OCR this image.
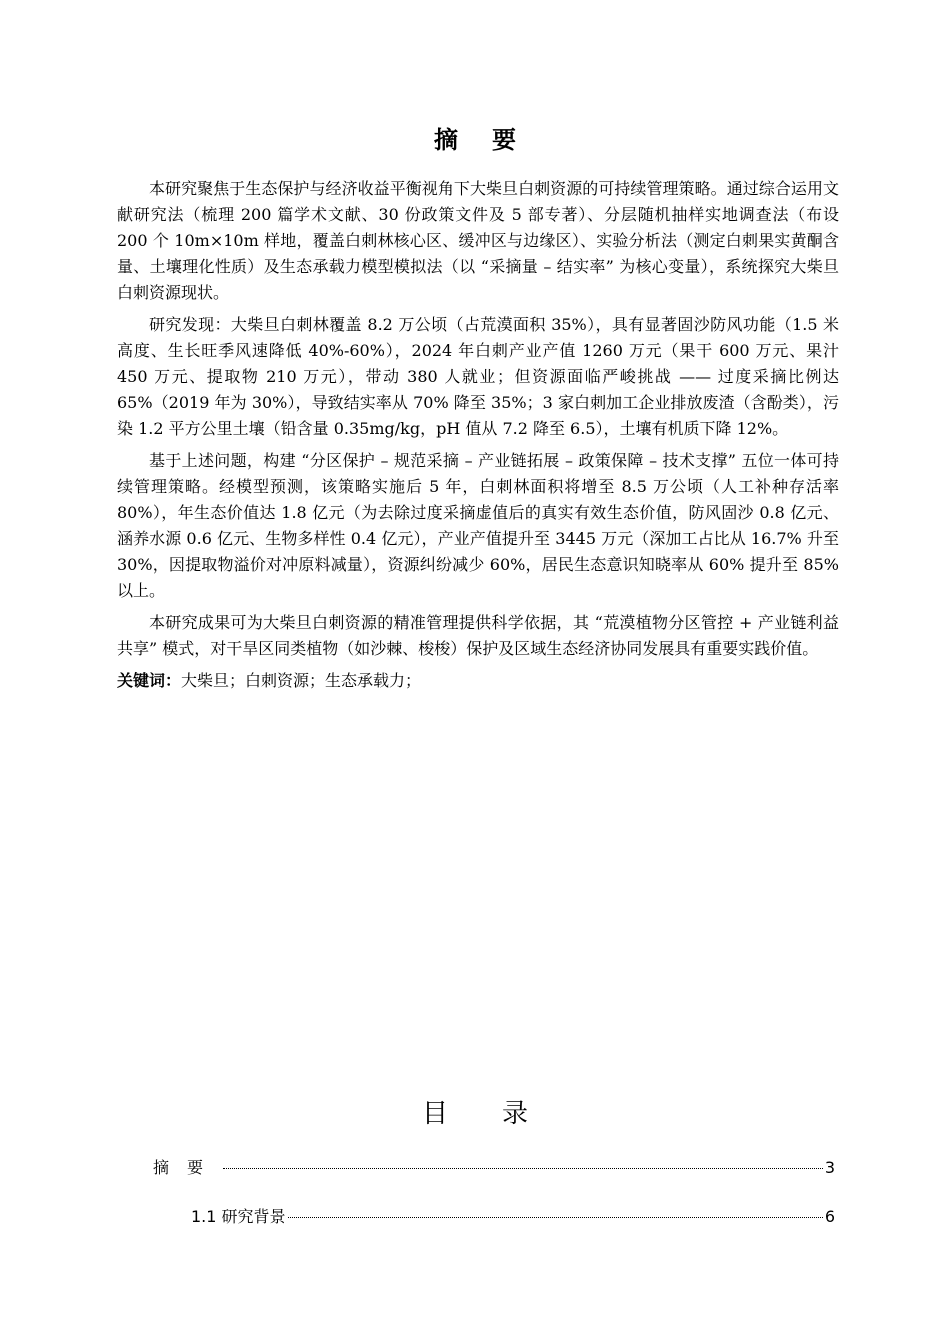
摘要

本研究聚焦于生态保护与经济收益平衡视角下大柴旦白刺资源的可持续管理策略。通过综合运用文献研究法（梳理 200 篇学术文献、30 份政策文件及 5 部专著）、分层随机抽样实地调查法（布设 200 个 10m×10m 样地，覆盖白刺林核心区、缓冲区与边缘区）、实验分析法（测定白刺果实黄酮含量、土壤理化性质）及生态承载力模型模拟法（以 “采摘量 – 结实率” 为核心变量），系统探究大柴旦白刺资源现状。

研究发现：大柴旦白刺林覆盖 8.2 万公顷（占荒漠面积 35%），具有显著固沙防风功能（1.5 米高度、生长旺季风速降低 40%-60%），2024 年白刺产业产值 1260 万元（果干 600 万元、果汁 450 万元、提取物 210 万元），带动 380 人就业；但资源面临严峻挑战 —— 过度采摘比例达 65%（2019 年为 30%），导致结实率从 70% 降至 35%；3 家白刺加工企业排放废渣（含酚类），污染 1.2 平方公里土壤（铅含量 0.35mg/kg，pH 值从 7.2 降至 6.5），土壤有机质下降 12%。

基于上述问题，构建 “分区保护 – 规范采摘 – 产业链拓展 – 政策保障 – 技术支撑” 五位一体可持续管理策略。经模型预测，该策略实施后 5 年，白刺林面积将增至 8.5 万公顷（人工补种存活率 80%），年生态价值达 1.8 亿元（为去除过度采摘虚值后的真实有效生态价值，防风固沙 0.8 亿元、涵养水源 0.6 亿元、生物多样性 0.4 亿元），产业产值提升至 3445 万元（深加工占比从 16.7% 升至 30%，因提取物溢价对冲原料减量），资源纠纷减少 60%，居民生态意识知晓率从 60% 提升至 85% 以上。

本研究成果可为大柴旦白刺资源的精准管理提供科学依据，其 “荒漠植物分区管控 + 产业链利益共享” 模式，对干旱区同类植物（如沙棘、梭梭）保护及区域生态经济协同发展具有重要实践价值。

关键词：大柴旦；白刺资源；生态承载力；
目录
摘要	3
1.1 研究背景	6
